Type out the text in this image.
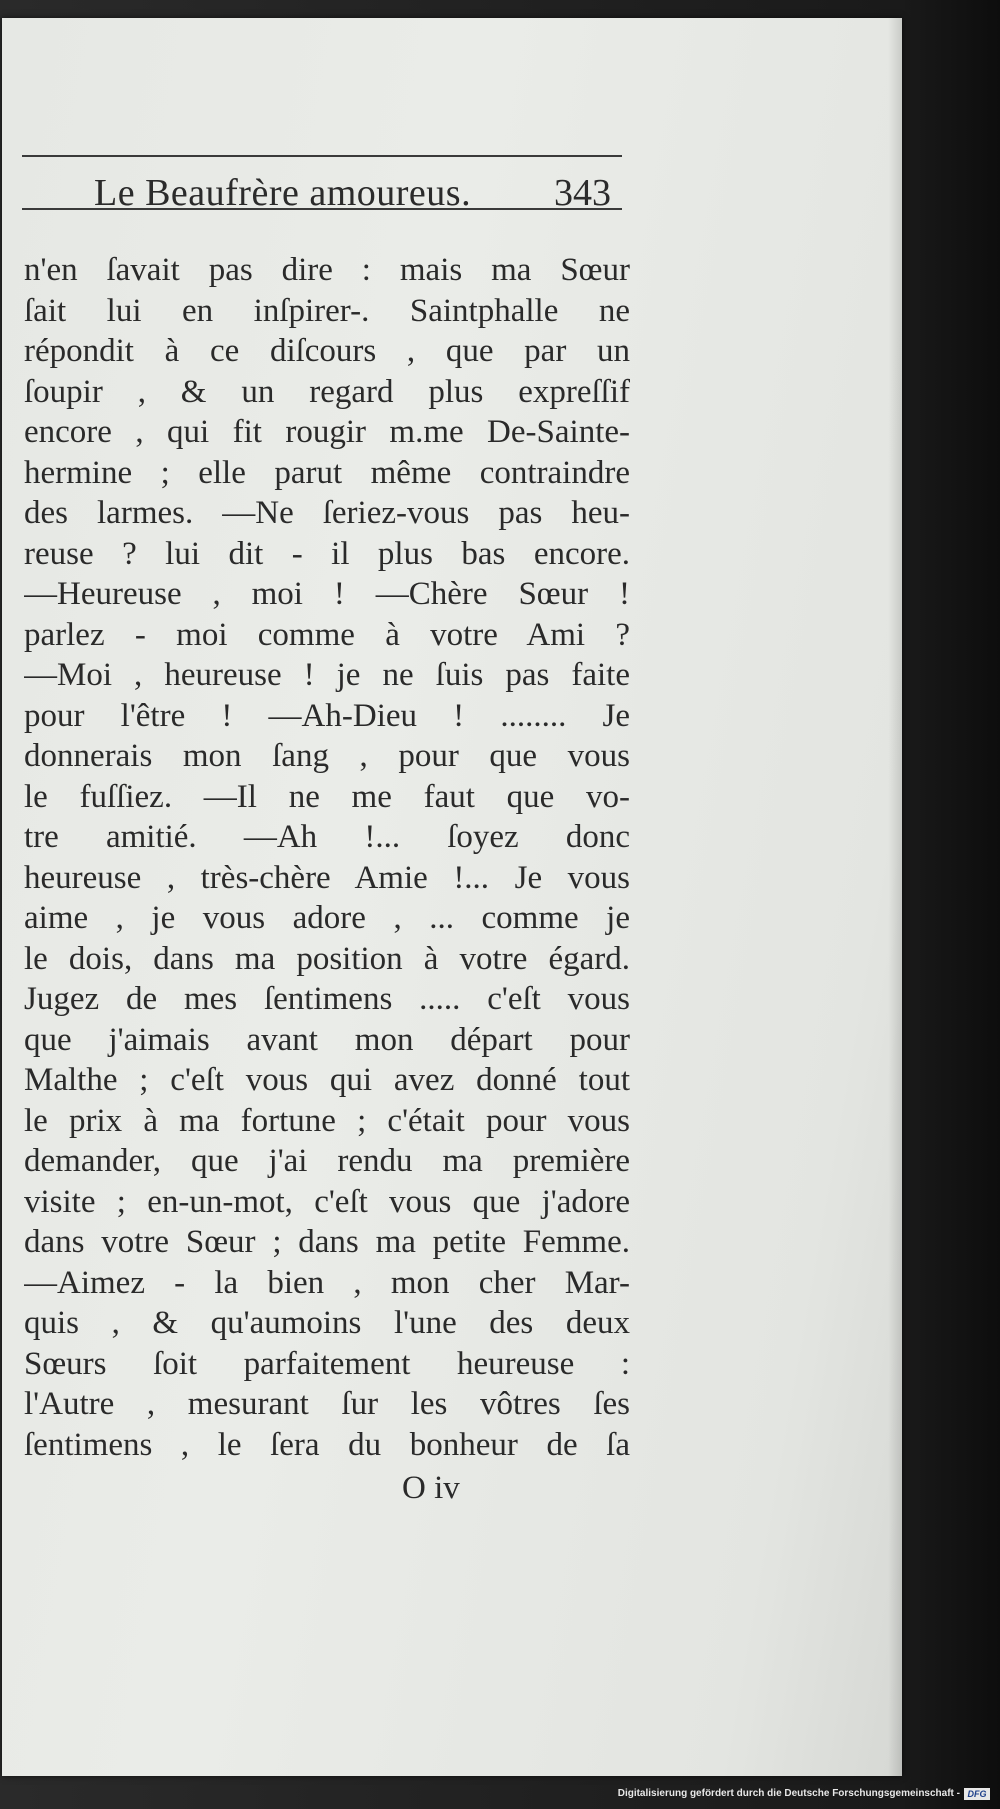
Le Beaufrère amoureus.	343
n'en ſavait pas dire : mais ma Sœur
ſait lui en inſpirer-. Saintphalle ne
répondit à ce diſcours , que par un
ſoupir , & un regard plus expreſſif
encore , qui fit rougir m.me De-Sainte-
hermine ; elle parut même contraindre
des larmes. —Ne ſeriez-vous pas heu-
reuse ? lui dit - il plus bas encore.
—Heureuse , moi ! —Chère Sœur !
parlez - moi comme à votre Ami ?
—Moi , heureuse ! je ne ſuis pas faite
pour l'être ! —Ah-Dieu ! ........ Je
donnerais mon ſang , pour que vous
le fuſſiez. —Il ne me faut que vo-
tre amitié. —Ah !... ſoyez donc
heureuse , très-chère Amie !... Je vous
aime , je vous adore , ... comme je
le dois, dans ma position à votre égard.
Jugez de mes ſentimens ..... c'eſt vous
que j'aimais avant mon départ pour
Malthe ; c'eſt vous qui avez donné tout
le prix à ma fortune ; c'était pour vous
demander, que j'ai rendu ma première
visite ; en-un-mot, c'eſt vous que j'adore
dans votre Sœur ; dans ma petite Femme.
—Aimez - la bien , mon cher Mar-
quis , & qu'aumoins l'une des deux
Sœurs ſoit parfaitement heureuse :
l'Autre , mesurant ſur les vôtres ſes
ſentimens , le ſera du bonheur de ſa
O iv
Digitalisierung gefördert durch die Deutsche Forschungsgemeinschaft - DFG
